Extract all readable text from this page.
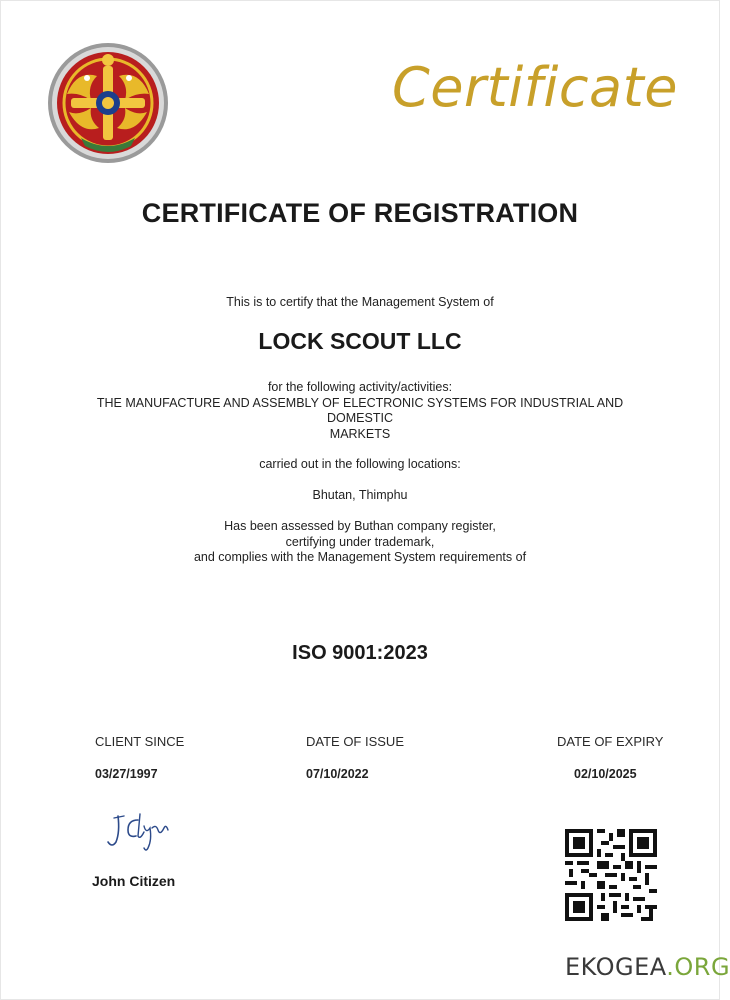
Certificate
CERTIFICATE OF REGISTRATION
This is to certify that the Management System of
LOCK SCOUT LLC
for the following activity/activities:
THE MANUFACTURE AND ASSEMBLY OF ELECTRONIC SYSTEMS FOR INDUSTRIAL AND
DOMESTIC
MARKETS
carried out in the following locations:
Bhutan, Thimphu
Has been assessed by Buthan company register,
certifying under trademark,
and complies with the Management System requirements of
ISO 9001:2023
CLIENT SINCE
03/27/1997
DATE OF ISSUE
07/10/2022
DATE OF EXPIRY
02/10/2025
John Citizen
EKOGEA.ORG
